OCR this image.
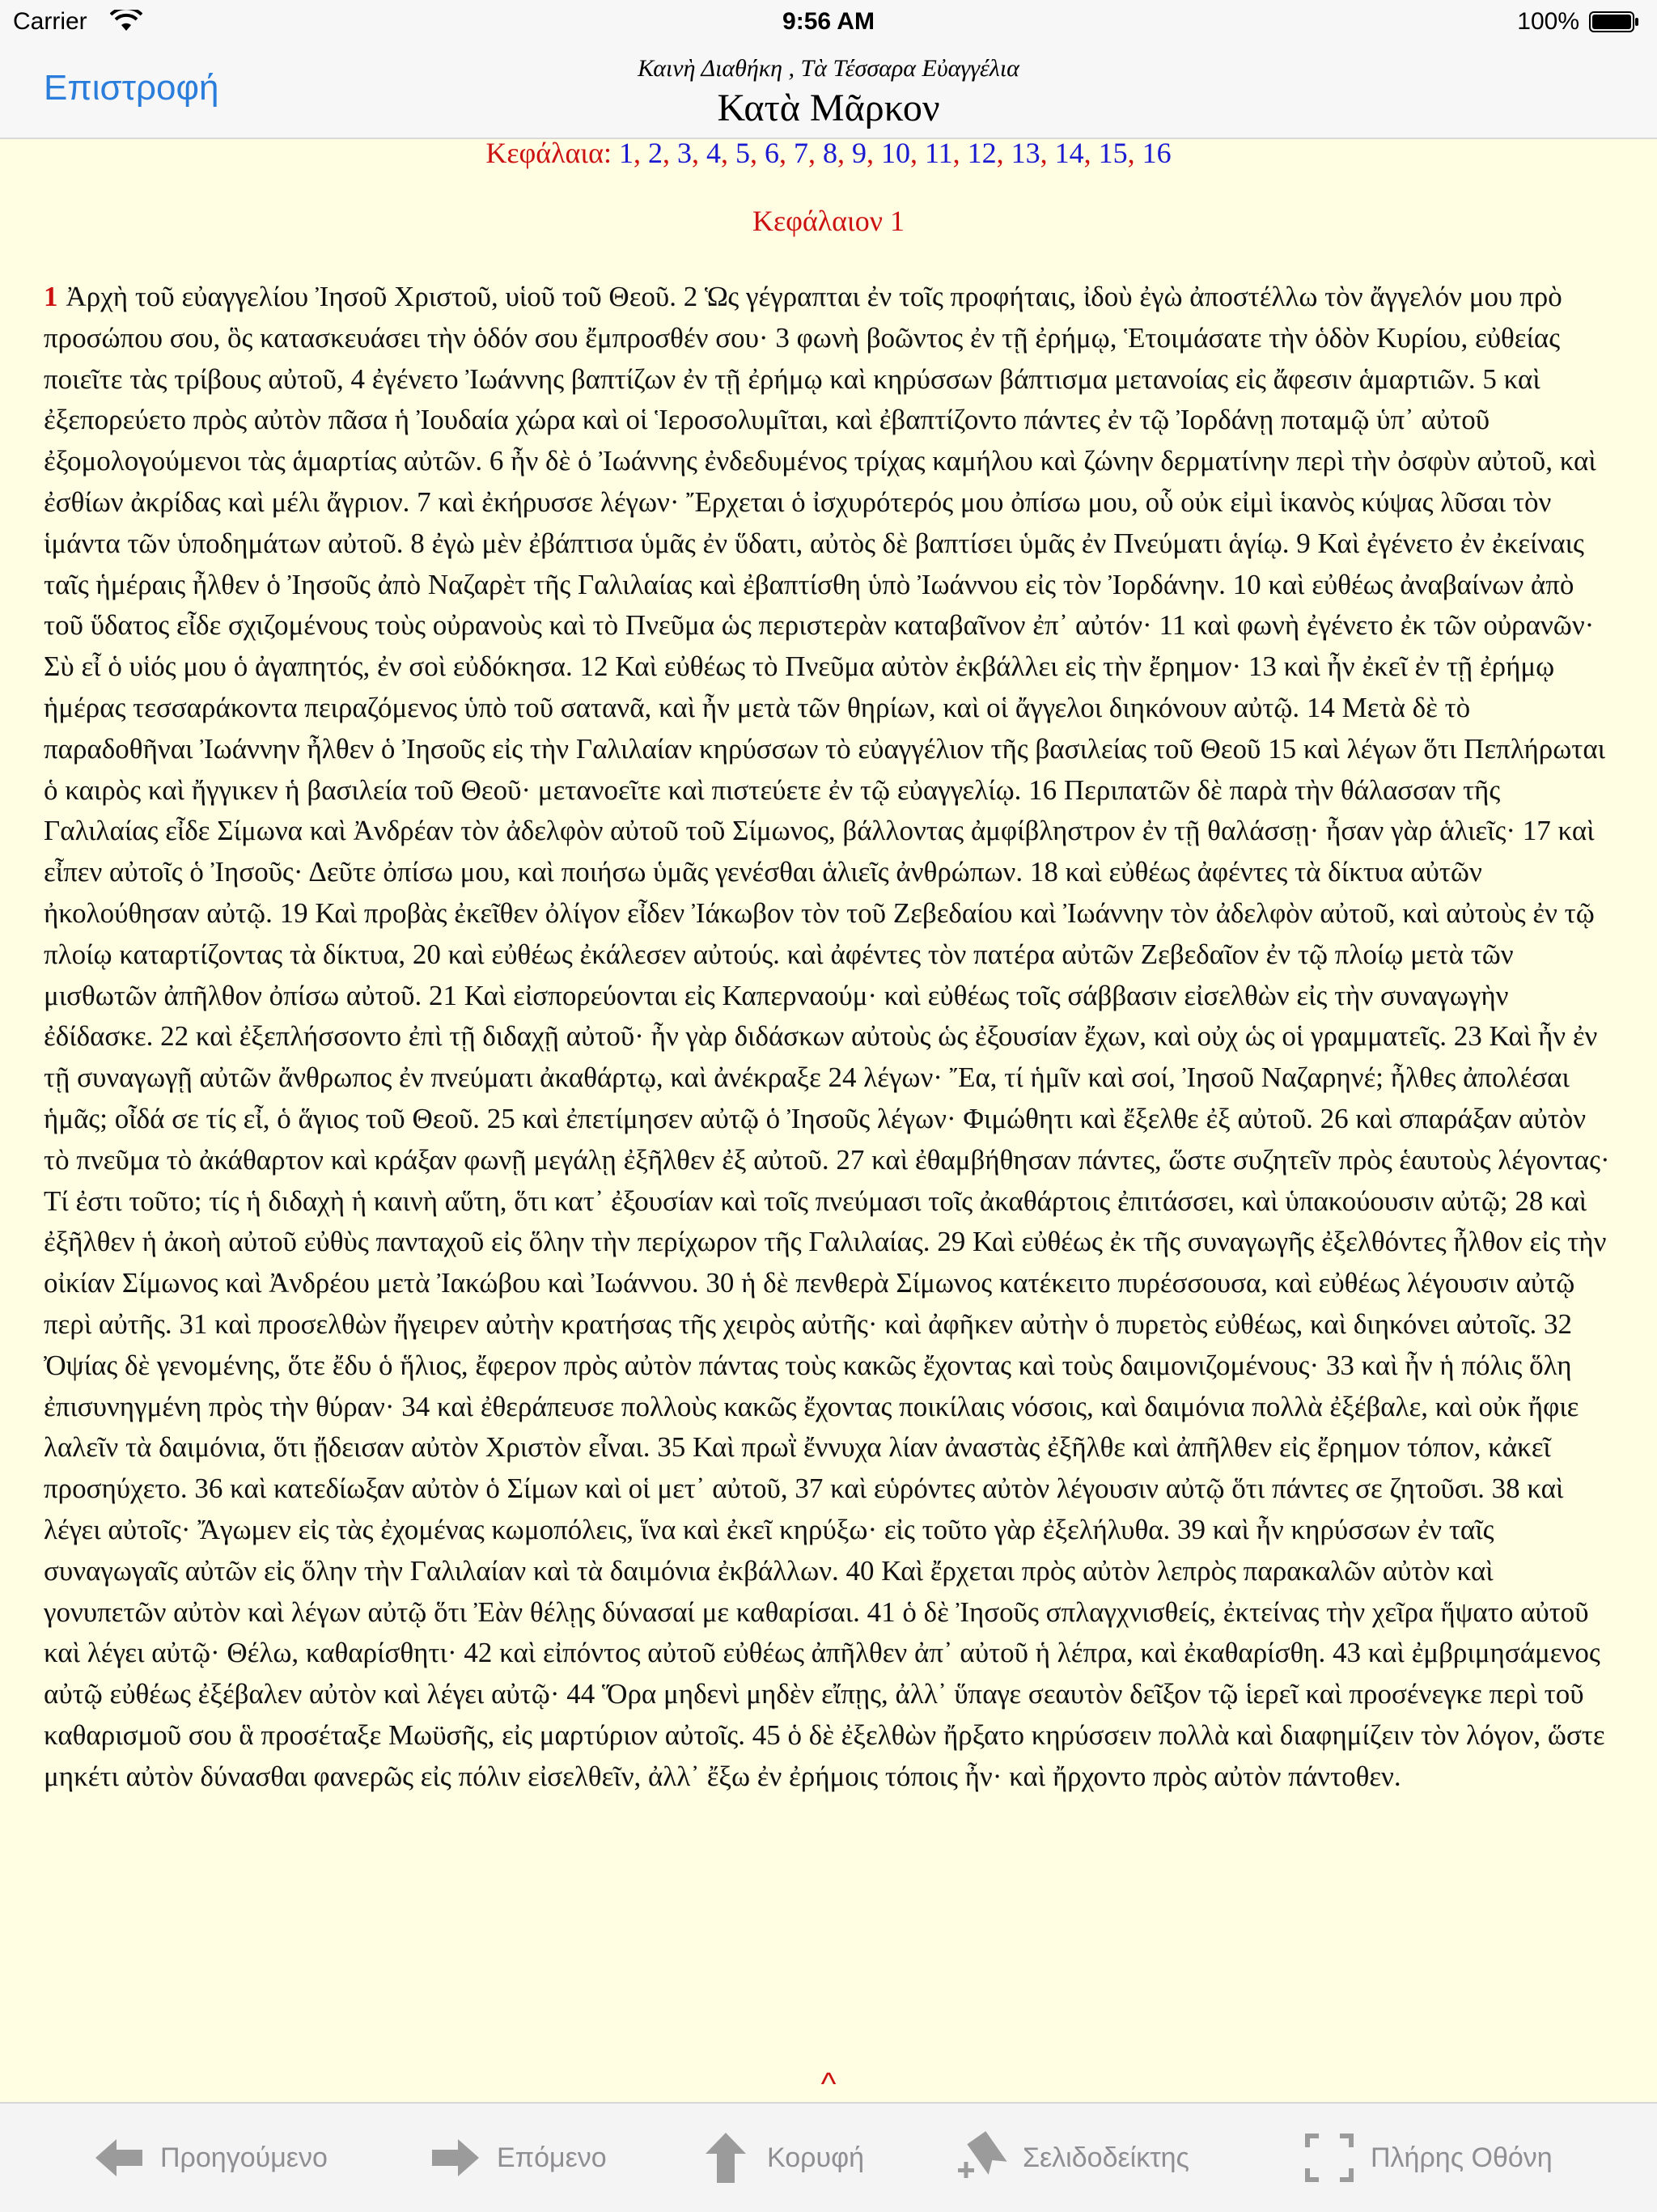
Carrier	9:56 AM	100%
Επιστροφή	Καινὴ Διαθήκη , Τὰ Τέσσαρα Εὐαγγέλια
Κατὰ Μᾶρκον
Κεφάλαια: 1, 2, 3, 4, 5, 6, 7, 8, 9, 10, 11, 12, 13, 14, 15, 16
Κεφάλαιον 1
1 Ἀρχὴ τοῦ εὐαγγελίου Ἰησοῦ Χριστοῦ, υἱοῦ τοῦ Θεοῦ. 2 Ὡς γέγραπται ἐν τοῖς προφήταις, ἰδοὺ ἐγὼ ἀποστέλλω τὸν ἄγγελόν μου πρὸ προσώπου σου, ὃς κατασκευάσει τὴν ὁδόν σου ἔμπροσθέν σου· 3 φωνὴ βοῶντος ἐν τῇ ἐρήμῳ, Ἑτοιμάσατε τὴν ὁδὸν Κυρίου, εὐθείας ποιεῖτε τὰς τρίβους αὐτοῦ, 4 ἐγένετο Ἰωάννης βαπτίζων ἐν τῇ ἐρήμῳ καὶ κηρύσσων βάπτισμα μετανοίας εἰς ἄφεσιν ἁμαρτιῶν. 5 καὶ ἐξεπορεύετο πρὸς αὐτὸν πᾶσα ἡ Ἰουδαία χώρα καὶ οἱ Ἱεροσολυμῖται, καὶ ἐβαπτίζοντο πάντες ἐν τῷ Ἰορδάνῃ ποταμῷ ὑπ᾿ αὐτοῦ ἐξομολογούμενοι τὰς ἁμαρτίας αὐτῶν. 6 ἦν δὲ ὁ Ἰωάννης ἐνδεδυμένος τρίχας καμήλου καὶ ζώνην δερματίνην περὶ τὴν ὀσφὺν αὐτοῦ, καὶ ἐσθίων ἀκρίδας καὶ μέλι ἄγριον. 7 καὶ ἐκήρυσσε λέγων· Ἔρχεται ὁ ἰσχυρότερός μου ὀπίσω μου, οὗ οὐκ εἰμὶ ἱκανὸς κύψας λῦσαι τὸν ἱμάντα τῶν ὑποδημάτων αὐτοῦ. 8 ἐγὼ μὲν ἐβάπτισα ὑμᾶς ἐν ὕδατι, αὐτὸς δὲ βαπτίσει ὑμᾶς ἐν Πνεύματι ἁγίῳ. 9 Καὶ ἐγένετο ἐν ἐκείναις ταῖς ἡμέραις ἦλθεν ὁ Ἰησοῦς ἀπὸ Ναζαρὲτ τῆς Γαλιλαίας καὶ ἐβαπτίσθη ὑπὸ Ἰωάννου εἰς τὸν Ἰορδάνην. 10 καὶ εὐθέως ἀναβαίνων ἀπὸ τοῦ ὕδατος εἶδε σχιζομένους τοὺς οὐρανοὺς καὶ τὸ Πνεῦμα ὡς περιστερὰν καταβαῖνον ἐπ᾿ αὐτόν· 11 καὶ φωνὴ ἐγένετο ἐκ τῶν οὐρανῶν· Σὺ εἶ ὁ υἱός μου ὁ ἀγαπητός, ἐν σοὶ εὐδόκησα. 12 Καὶ εὐθέως τὸ Πνεῦμα αὐτὸν ἐκβάλλει εἰς τὴν ἔρημον· 13 καὶ ἦν ἐκεῖ ἐν τῇ ἐρήμῳ ἡμέρας τεσσαράκοντα πειραζόμενος ὑπὸ τοῦ σατανᾶ, καὶ ἦν μετὰ τῶν θηρίων, καὶ οἱ ἄγγελοι διηκόνουν αὐτῷ. 14 Μετὰ δὲ τὸ παραδοθῆναι Ἰωάννην ἦλθεν ὁ Ἰησοῦς εἰς τὴν Γαλιλαίαν κηρύσσων τὸ εὐαγγέλιον τῆς βασιλείας τοῦ Θεοῦ 15 καὶ λέγων ὅτι Πεπλήρωται ὁ καιρὸς καὶ ἤγγικεν ἡ βασιλεία τοῦ Θεοῦ· μετανοεῖτε καὶ πιστεύετε ἐν τῷ εὐαγγελίῳ. 16 Περιπατῶν δὲ παρὰ τὴν θάλασσαν τῆς Γαλιλαίας εἶδε Σίμωνα καὶ Ἀνδρέαν τὸν ἀδελφὸν αὐτοῦ τοῦ Σίμωνος, βάλλοντας ἀμφίβληστρον ἐν τῇ θαλάσσῃ· ἦσαν γὰρ ἁλιεῖς· 17 καὶ εἶπεν αὐτοῖς ὁ Ἰησοῦς· Δεῦτε ὀπίσω μου, καὶ ποιήσω ὑμᾶς γενέσθαι ἁλιεῖς ἀνθρώπων. 18 καὶ εὐθέως ἀφέντες τὰ δίκτυα αὐτῶν ἠκολούθησαν αὐτῷ. 19 Καὶ προβὰς ἐκεῖθεν ὀλίγον εἶδεν Ἰάκωβον τὸν τοῦ Ζεβεδαίου καὶ Ἰωάννην τὸν ἀδελφὸν αὐτοῦ, καὶ αὐτοὺς ἐν τῷ πλοίῳ καταρτίζοντας τὰ δίκτυα, 20 καὶ εὐθέως ἐκάλεσεν αὐτούς. καὶ ἀφέντες τὸν πατέρα αὐτῶν Ζεβεδαῖον ἐν τῷ πλοίῳ μετὰ τῶν μισθωτῶν ἀπῆλθον ὀπίσω αὐτοῦ. 21 Καὶ εἰσπορεύονται εἰς Καπερναούμ· καὶ εὐθέως τοῖς σάββασιν εἰσελθὼν εἰς τὴν συναγωγὴν ἐδίδασκε. 22 καὶ ἐξεπλήσσοντο ἐπὶ τῇ διδαχῇ αὐτοῦ· ἦν γὰρ διδάσκων αὐτοὺς ὡς ἐξουσίαν ἔχων, καὶ οὐχ ὡς οἱ γραμματεῖς. 23 Καὶ ἦν ἐν τῇ συναγωγῇ αὐτῶν ἄνθρωπος ἐν πνεύματι ἀκαθάρτῳ, καὶ ἀνέκραξε 24 λέγων· Ἔα, τί ἡμῖν καὶ σοί, Ἰησοῦ Ναζαρηνέ; ἦλθες ἀπολέσαι ἡμᾶς; οἶδά σε τίς εἶ, ὁ ἅγιος τοῦ Θεοῦ. 25 καὶ ἐπετίμησεν αὐτῷ ὁ Ἰησοῦς λέγων· Φιμώθητι καὶ ἔξελθε ἐξ αὐτοῦ. 26 καὶ σπαράξαν αὐτὸν τὸ πνεῦμα τὸ ἀκάθαρτον καὶ κράξαν φωνῇ μεγάλῃ ἐξῆλθεν ἐξ αὐτοῦ. 27 καὶ ἐθαμβήθησαν πάντες, ὥστε συζητεῖν πρὸς ἑαυτοὺς λέγοντας· Τί ἐστι τοῦτο; τίς ἡ διδαχὴ ἡ καινὴ αὕτη, ὅτι κατ᾿ ἐξουσίαν καὶ τοῖς πνεύμασι τοῖς ἀκαθάρτοις ἐπιτάσσει, καὶ ὑπακούουσιν αὐτῷ; 28 καὶ ἐξῆλθεν ἡ ἀκοὴ αὐτοῦ εὐθὺς πανταχοῦ εἰς ὅλην τὴν περίχωρον τῆς Γαλιλαίας. 29 Καὶ εὐθέως ἐκ τῆς συναγωγῆς ἐξελθόντες ἦλθον εἰς τὴν οἰκίαν Σίμωνος καὶ Ἀνδρέου μετὰ Ἰακώβου καὶ Ἰωάννου. 30 ἡ δὲ πενθερὰ Σίμωνος κατέκειτο πυρέσσουσα, καὶ εὐθέως λέγουσιν αὐτῷ περὶ αὐτῆς. 31 καὶ προσελθὼν ἤγειρεν αὐτὴν κρατήσας τῆς χειρὸς αὐτῆς· καὶ ἀφῆκεν αὐτὴν ὁ πυρετὸς εὐθέως, καὶ διηκόνει αὐτοῖς. 32 Ὀψίας δὲ γενομένης, ὅτε ἔδυ ὁ ἥλιος, ἔφερον πρὸς αὐτὸν πάντας τοὺς κακῶς ἔχοντας καὶ τοὺς δαιμονιζομένους· 33 καὶ ἦν ἡ πόλις ὅλη ἐπισυνηγμένη πρὸς τὴν θύραν· 34 καὶ ἐθεράπευσε πολλοὺς κακῶς ἔχοντας ποικίλαις νόσοις, καὶ δαιμόνια πολλὰ ἐξέβαλε, καὶ οὐκ ἤφιε λαλεῖν τὰ δαιμόνια, ὅτι ᾔδεισαν αὐτὸν Χριστὸν εἶναι. 35 Καὶ πρωῒ ἔννυχα λίαν ἀναστὰς ἐξῆλθε καὶ ἀπῆλθεν εἰς ἔρημον τόπον, κἀκεῖ προσηύχετο. 36 καὶ κατεδίωξαν αὐτὸν ὁ Σίμων καὶ οἱ μετ᾿ αὐτοῦ, 37 καὶ εὑρόντες αὐτὸν λέγουσιν αὐτῷ ὅτι πάντες σε ζητοῦσι. 38 καὶ λέγει αὐτοῖς· Ἄγωμεν εἰς τὰς ἐχομένας κωμοπόλεις, ἵνα καὶ ἐκεῖ κηρύξω· εἰς τοῦτο γὰρ ἐξελήλυθα. 39 καὶ ἦν κηρύσσων ἐν ταῖς συναγωγαῖς αὐτῶν εἰς ὅλην τὴν Γαλιλαίαν καὶ τὰ δαιμόνια ἐκβάλλων. 40 Καὶ ἔρχεται πρὸς αὐτὸν λεπρὸς παρακαλῶν αὐτὸν καὶ γονυπετῶν αὐτὸν καὶ λέγων αὐτῷ ὅτι Ἐὰν θέλῃς δύνασαί με καθαρίσαι. 41 ὁ δὲ Ἰησοῦς σπλαγχνισθείς, ἐκτείνας τὴν χεῖρα ἥψατο αὐτοῦ καὶ λέγει αὐτῷ· Θέλω, καθαρίσθητι· 42 καὶ εἰπόντος αὐτοῦ εὐθέως ἀπῆλθεν ἀπ᾿ αὐτοῦ ἡ λέπρα, καὶ ἐκαθαρίσθη. 43 καὶ ἐμβριμησάμενος αὐτῷ εὐθέως ἐξέβαλεν αὐτὸν καὶ λέγει αὐτῷ· 44 Ὅρα μηδενὶ μηδὲν εἴπῃς, ἀλλ᾿ ὕπαγε σεαυτὸν δεῖξον τῷ ἱερεῖ καὶ προσένεγκε περὶ τοῦ καθαρισμοῦ σου ἃ προσέταξε Μωϋσῆς, εἰς μαρτύριον αὐτοῖς. 45 ὁ δὲ ἐξελθὼν ἤρξατο κηρύσσειν πολλὰ καὶ διαφημίζειν τὸν λόγον, ὥστε μηκέτι αὐτὸν δύνασθαι φανερῶς εἰς πόλιν εἰσελθεῖν, ἀλλ᾿ ἔξω ἐν ἐρήμοις τόποις ἦν· καὶ ἤρχοντο πρὸς αὐτὸν πάντοθεν.
^
Προηγούμενο	Επόμενο	Κορυφή	Σελιδοδείκτης	Πλήρης Οθόνη
